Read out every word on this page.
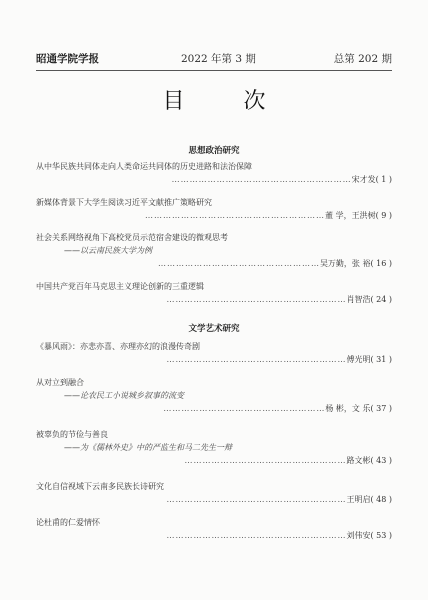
昭通学院学报	2022 年第 3 期	总第 202 期
目 次
思想政治研究
从中华民族共同体走向人类命运共同体的历史进路和法治保障
……………………………………………………宋才发( 1 )
新媒体背景下大学生阅读习近平文献推广策略研究
……………………………………………………董 学，王洪树( 9 )
社会关系网络视角下高校党员示范宿舍建设的微观思考
——以云南民族大学为例
………………………………………………吴万勤，张 裕( 16 )
中国共产党百年马克思主义理论创新的三重逻辑
……………………………………………………肖智浩( 24 )
文学艺术研究
《暴风雨》：亦悲亦喜、亦理亦幻的浪漫传奇剧
……………………………………………………傅光明( 31 )
从对立到融合
——论农民工小说城乡叙事的流变
………………………………………………杨 彬，文 乐( 37 )
被辜负的节俭与善良
——为《儒林外史》中的严监生和马二先生一辩
………………………………………………路文彬( 43 )
文化自信视域下云南多民族长诗研究
……………………………………………………王明启( 48 )
论杜甫的仁爱情怀
……………………………………………………刘伟安( 53 )
